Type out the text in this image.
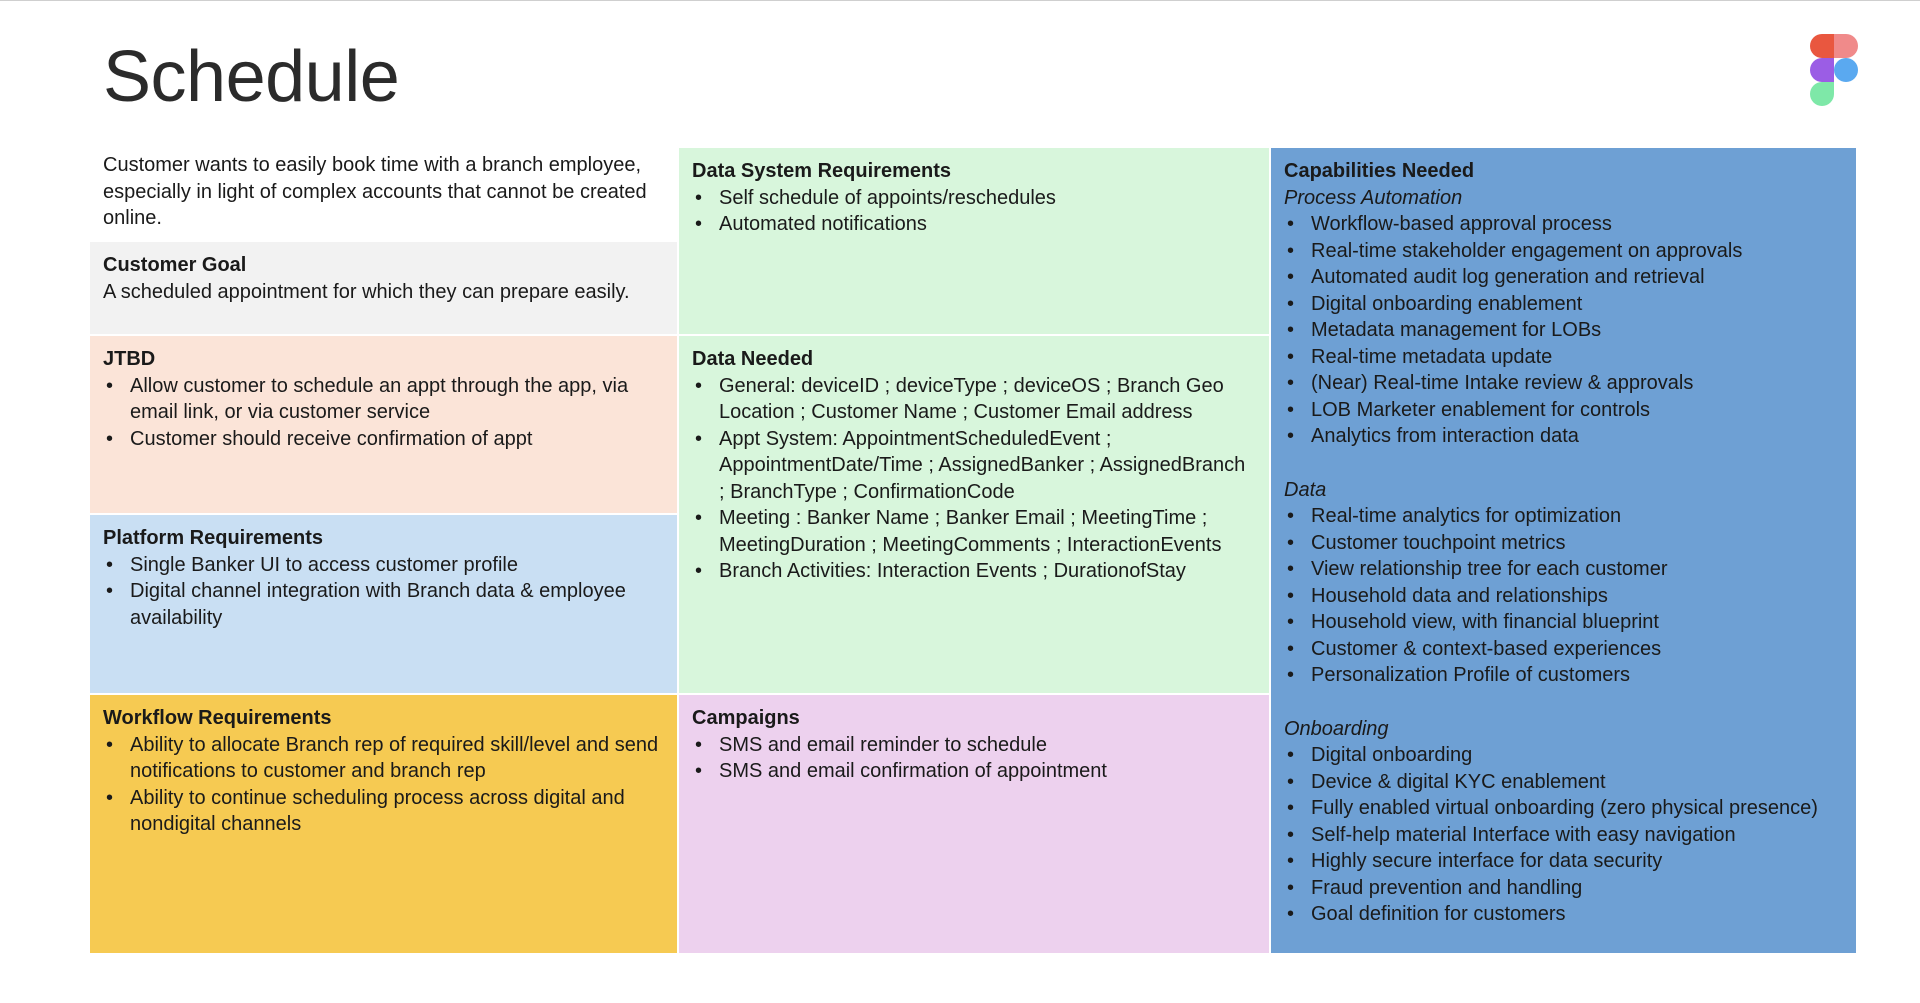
Schedule

Customer wants to easily book time with a branch employee, especially in light of complex accounts that cannot be created online.

Customer Goal

A scheduled appointment for which they can prepare easily.

JTBD
• Allow customer to schedule an appt through the app, via email link, or via customer service
• Customer should receive confirmation of appt
Platform Requirements
• Single Banker UI to access customer profile
• Digital channel integration with Branch data & employee availability
Workflow Requirements
• Ability to allocate Branch rep of required skill/level and send notifications to customer and branch rep
• Ability to continue scheduling process across digital and nondigital channels
Data System Requirements
• Self schedule of appoints/reschedules
• Automated notifications
Data Needed
• General: deviceID ; deviceType ; deviceOS ; Branch Geo Location ; Customer Name ; Customer Email address
• Appt System: AppointmentScheduledEvent ; AppointmentDate/Time ; AssignedBanker ; AssignedBranch ; BranchType ; ConfirmationCode
• Meeting : Banker Name ; Banker Email ; MeetingTime ; MeetingDuration ; MeetingComments ; InteractionEvents
• Branch Activities: Interaction Events ; DurationofStay
Campaigns
• SMS and email reminder to schedule
• SMS and email confirmation of appointment
Capabilities Needed

Process Automation

• Workflow-based approval process
• Real-time stakeholder engagement on approvals
• Automated audit log generation and retrieval
• Digital onboarding enablement
• Metadata management for LOBs
• Real-time metadata update
• (Near) Real-time Intake review & approvals
• LOB Marketer enablement for controls
• Analytics from interaction data

Data

• Real-time analytics for optimization
• Customer touchpoint metrics
• View relationship tree for each customer
• Household data and relationships
• Household view, with financial blueprint
• Customer & context-based experiences
• Personalization Profile of customers

Onboarding

• Digital onboarding
• Device & digital KYC enablement
• Fully enabled virtual onboarding (zero physical presence)
• Self-help material Interface with easy navigation
• Highly secure interface for data security
• Fraud prevention and handling
• Goal definition for customers
